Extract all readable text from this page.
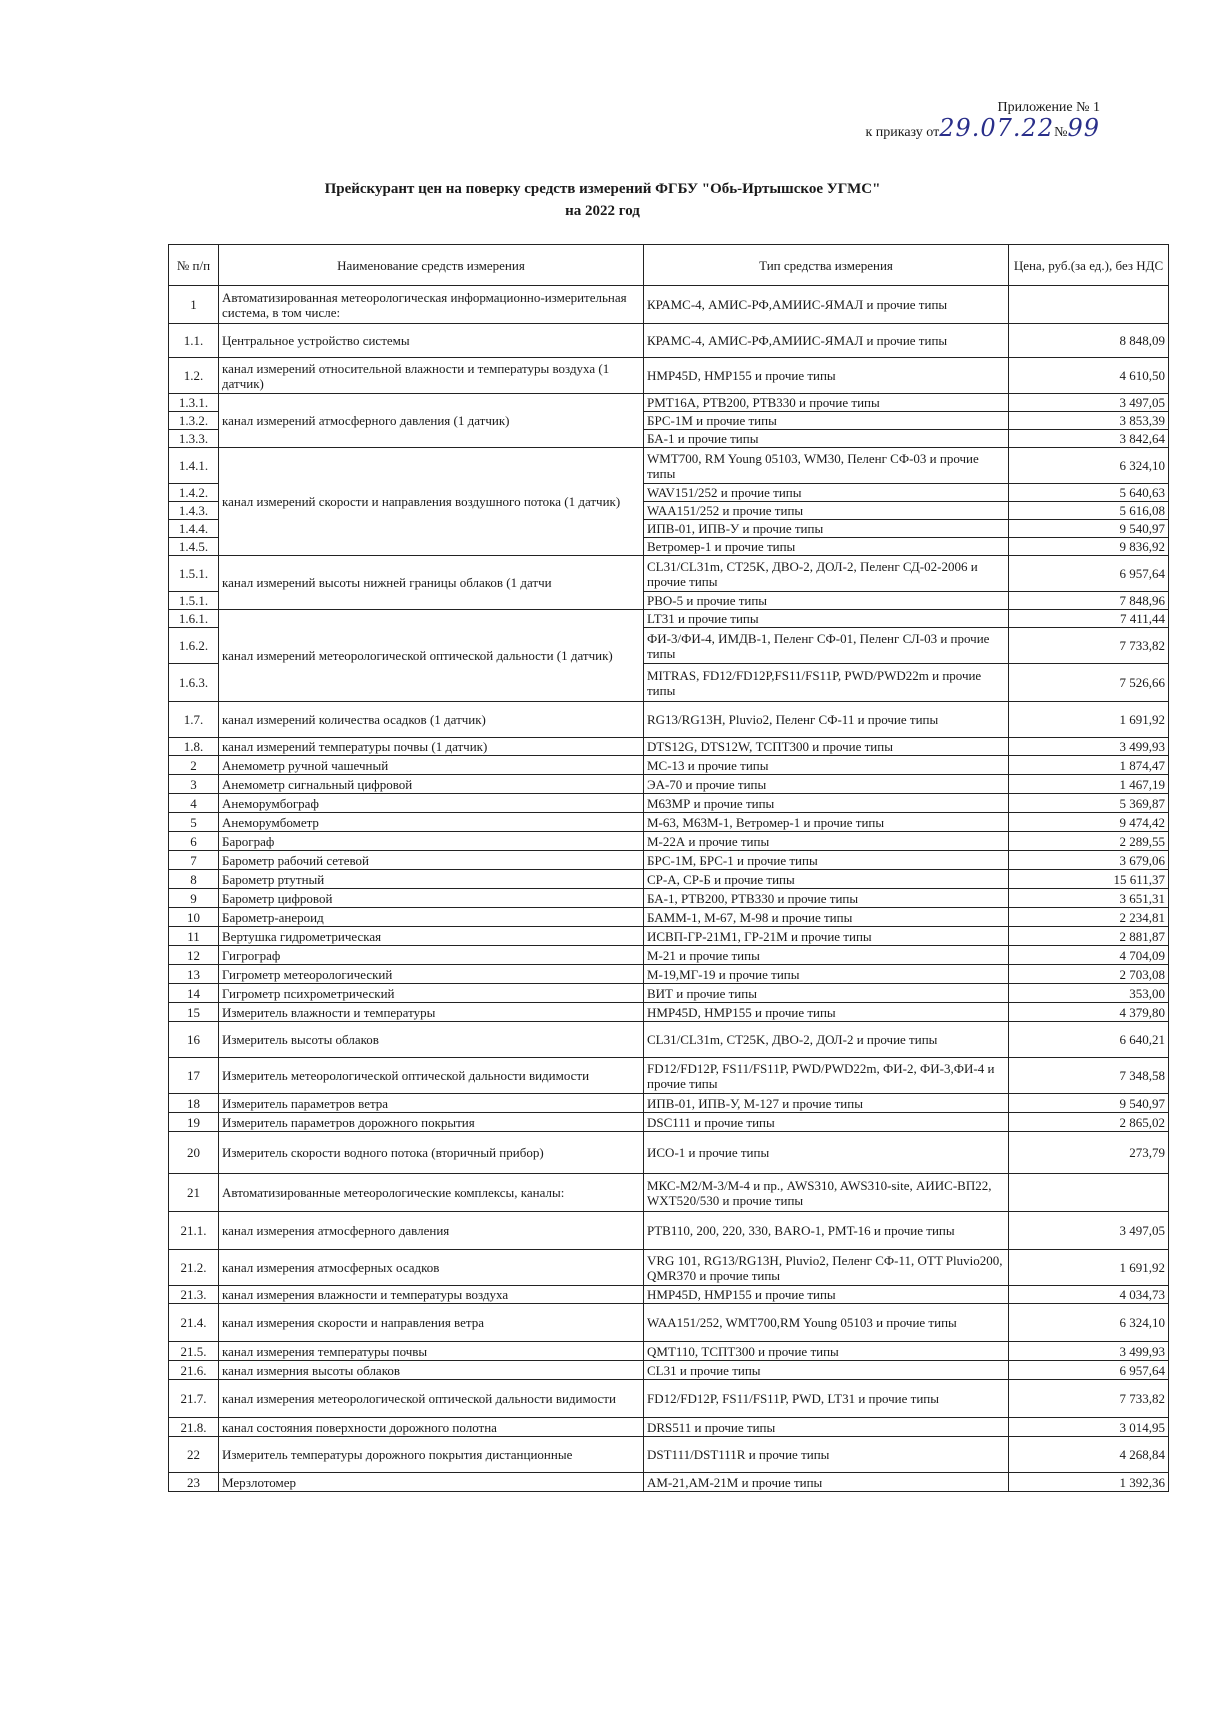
Приложение № 1
к приказу от29.07.22№99
Прейскурант цен на поверку средств измерений ФГБУ "Обь-Иртышское УГМС"
на 2022 год
№ п/п	Наименование средств измерения	Тип средства измерения	Цена, руб.(за ед.), без НДС
1	Автоматизированная метеорологическая информационно-измерительная система, в том числе:	КРАМС-4, АМИС-РФ,АМИИС-ЯМАЛ и прочие типы	
1.1.	Центральное устройство системы	КРАМС-4, АМИС-РФ,АМИИС-ЯМАЛ и прочие типы	8 848,09
1.2.	канал измерений относительной влажности и температуры воздуха (1 датчик)	HMP45D, HMP155 и прочие типы	4 610,50
1.3.1.	канал измерений атмосферного давления (1 датчик)	PMT16A, PTB200, PTB330 и прочие типы	3 497,05
1.3.2.		БРС-1М и прочие типы	3 853,39
1.3.3.		БА-1 и прочие типы	3 842,64
1.4.1.	канал измерений скорости и направления воздушного потока (1 датчик)	WMT700, RM Young 05103, WM30, Пеленг СФ-03 и прочие типы	6 324,10
1.4.2.		WAV151/252 и прочие типы	5 640,63
1.4.3.		WAA151/252 и прочие типы	5 616,08
1.4.4.		ИПВ-01, ИПВ-У и прочие типы	9 540,97
1.4.5.		Ветромер-1 и прочие типы	9 836,92
1.5.1.	канал измерений высоты нижней границы облаков (1 датчи	CL31/CL31m, CT25K, ДВО-2, ДОЛ-2, Пеленг СД-02-2006 и прочие типы	6 957,64
1.5.1.		РВО-5 и прочие типы	7 848,96
1.6.1.	канал измерений метеорологической оптической дальности (1 датчик)	LT31 и прочие типы	7 411,44
1.6.2.		ФИ-3/ФИ-4, ИМДВ-1, Пеленг СФ-01, Пеленг СЛ-03 и прочие типы	7 733,82
1.6.3.		MITRAS, FD12/FD12P,FS11/FS11P, PWD/PWD22m и прочие типы	7 526,66
1.7.	канал измерений количества осадков (1 датчик)	RG13/RG13H, Pluvio2, Пеленг СФ-11 и прочие типы	1 691,92
1.8.	канал измерений температуры почвы (1 датчик)	DTS12G, DTS12W, ТСПТ300 и прочие типы	3 499,93
2	Анемометр ручной чашечный	МС-13 и прочие типы	1 874,47
3	Анемометр сигнальный цифровой	ЭА-70 и прочие типы	1 467,19
4	Анеморумбограф	М63МР и прочие типы	5 369,87
5	Анеморумбометр	М-63, М63М-1, Ветромер-1 и прочие типы	9 474,42
6	Барограф	М-22А и прочие типы	2 289,55
7	Барометр рабочий сетевой	БРС-1М, БРС-1 и прочие типы	3 679,06
8	Барометр ртутный	СР-А, СР-Б и прочие типы	15 611,37
9	Барометр цифровой	БА-1, PTB200, PTB330 и прочие типы	3 651,31
10	Барометр-анероид	БАММ-1, М-67, М-98 и прочие типы	2 234,81
11	Вертушка гидрометрическая	ИСВП-ГР-21М1, ГР-21М и прочие типы	2 881,87
12	Гигрограф	М-21 и прочие типы	4 704,09
13	Гигрометр метеорологический	М-19,МГ-19 и прочие типы	2 703,08
14	Гигрометр психрометрический	ВИТ и прочие типы	353,00
15	Измеритель влажности и температуры	HMP45D, HMP155 и прочие типы	4 379,80
16	Измеритель высоты облаков	CL31/CL31m, CT25K, ДВО-2, ДОЛ-2 и прочие типы	6 640,21
17	Измеритель метеорологической оптической дальности видимости	FD12/FD12P, FS11/FS11P, PWD/PWD22m, ФИ-2, ФИ-3,ФИ-4 и прочие типы	7 348,58
18	Измеритель параметров ветра	ИПВ-01, ИПВ-У, М-127 и прочие типы	9 540,97
19	Измеритель параметров дорожного покрытия	DSC111 и прочие типы	2 865,02
20	Измеритель скорости водного потока (вторичный прибор)	ИСО-1 и прочие типы	273,79
21	Автоматизированные метеорологические комплексы, каналы:	МКС-М2/М-3/М-4 и пр., AWS310, AWS310-site, АИИС-ВП22, WXT520/530 и прочие типы	
21.1.	канал измерения атмосферного давления	PTB110, 200, 220, 330, BARO-1, PMT-16 и прочие типы	3 497,05
21.2.	канал измерения атмосферных осадков	VRG 101, RG13/RG13H, Pluvio2, Пеленг СФ-11, OTT Pluvio200, QMR370 и прочие типы	1 691,92
21.3.	канал измерения влажности и температуры воздуха	HMP45D, HMP155 и прочие типы	4 034,73
21.4.	канал измерения скорости и направления ветра	WAA151/252, WMT700,RM Young 05103 и прочие типы	6 324,10
21.5.	канал измерения температуры почвы	QMT110, ТСПТ300 и прочие типы	3 499,93
21.6.	канал измерния высоты облаков	CL31 и прочие типы	6 957,64
21.7.	канал измерения метеорологической оптической дальности видимости	FD12/FD12P, FS11/FS11P, PWD, LT31 и прочие типы	7 733,82
21.8.	канал состояния поверхности дорожного полотна	DRS511 и прочие типы	3 014,95
22	Измеритель температуры дорожного покрытия дистанционные	DST111/DST111R и прочие типы	4 268,84
23	Мерзлотомер	АМ-21,АМ-21М и прочие типы	1 392,36
